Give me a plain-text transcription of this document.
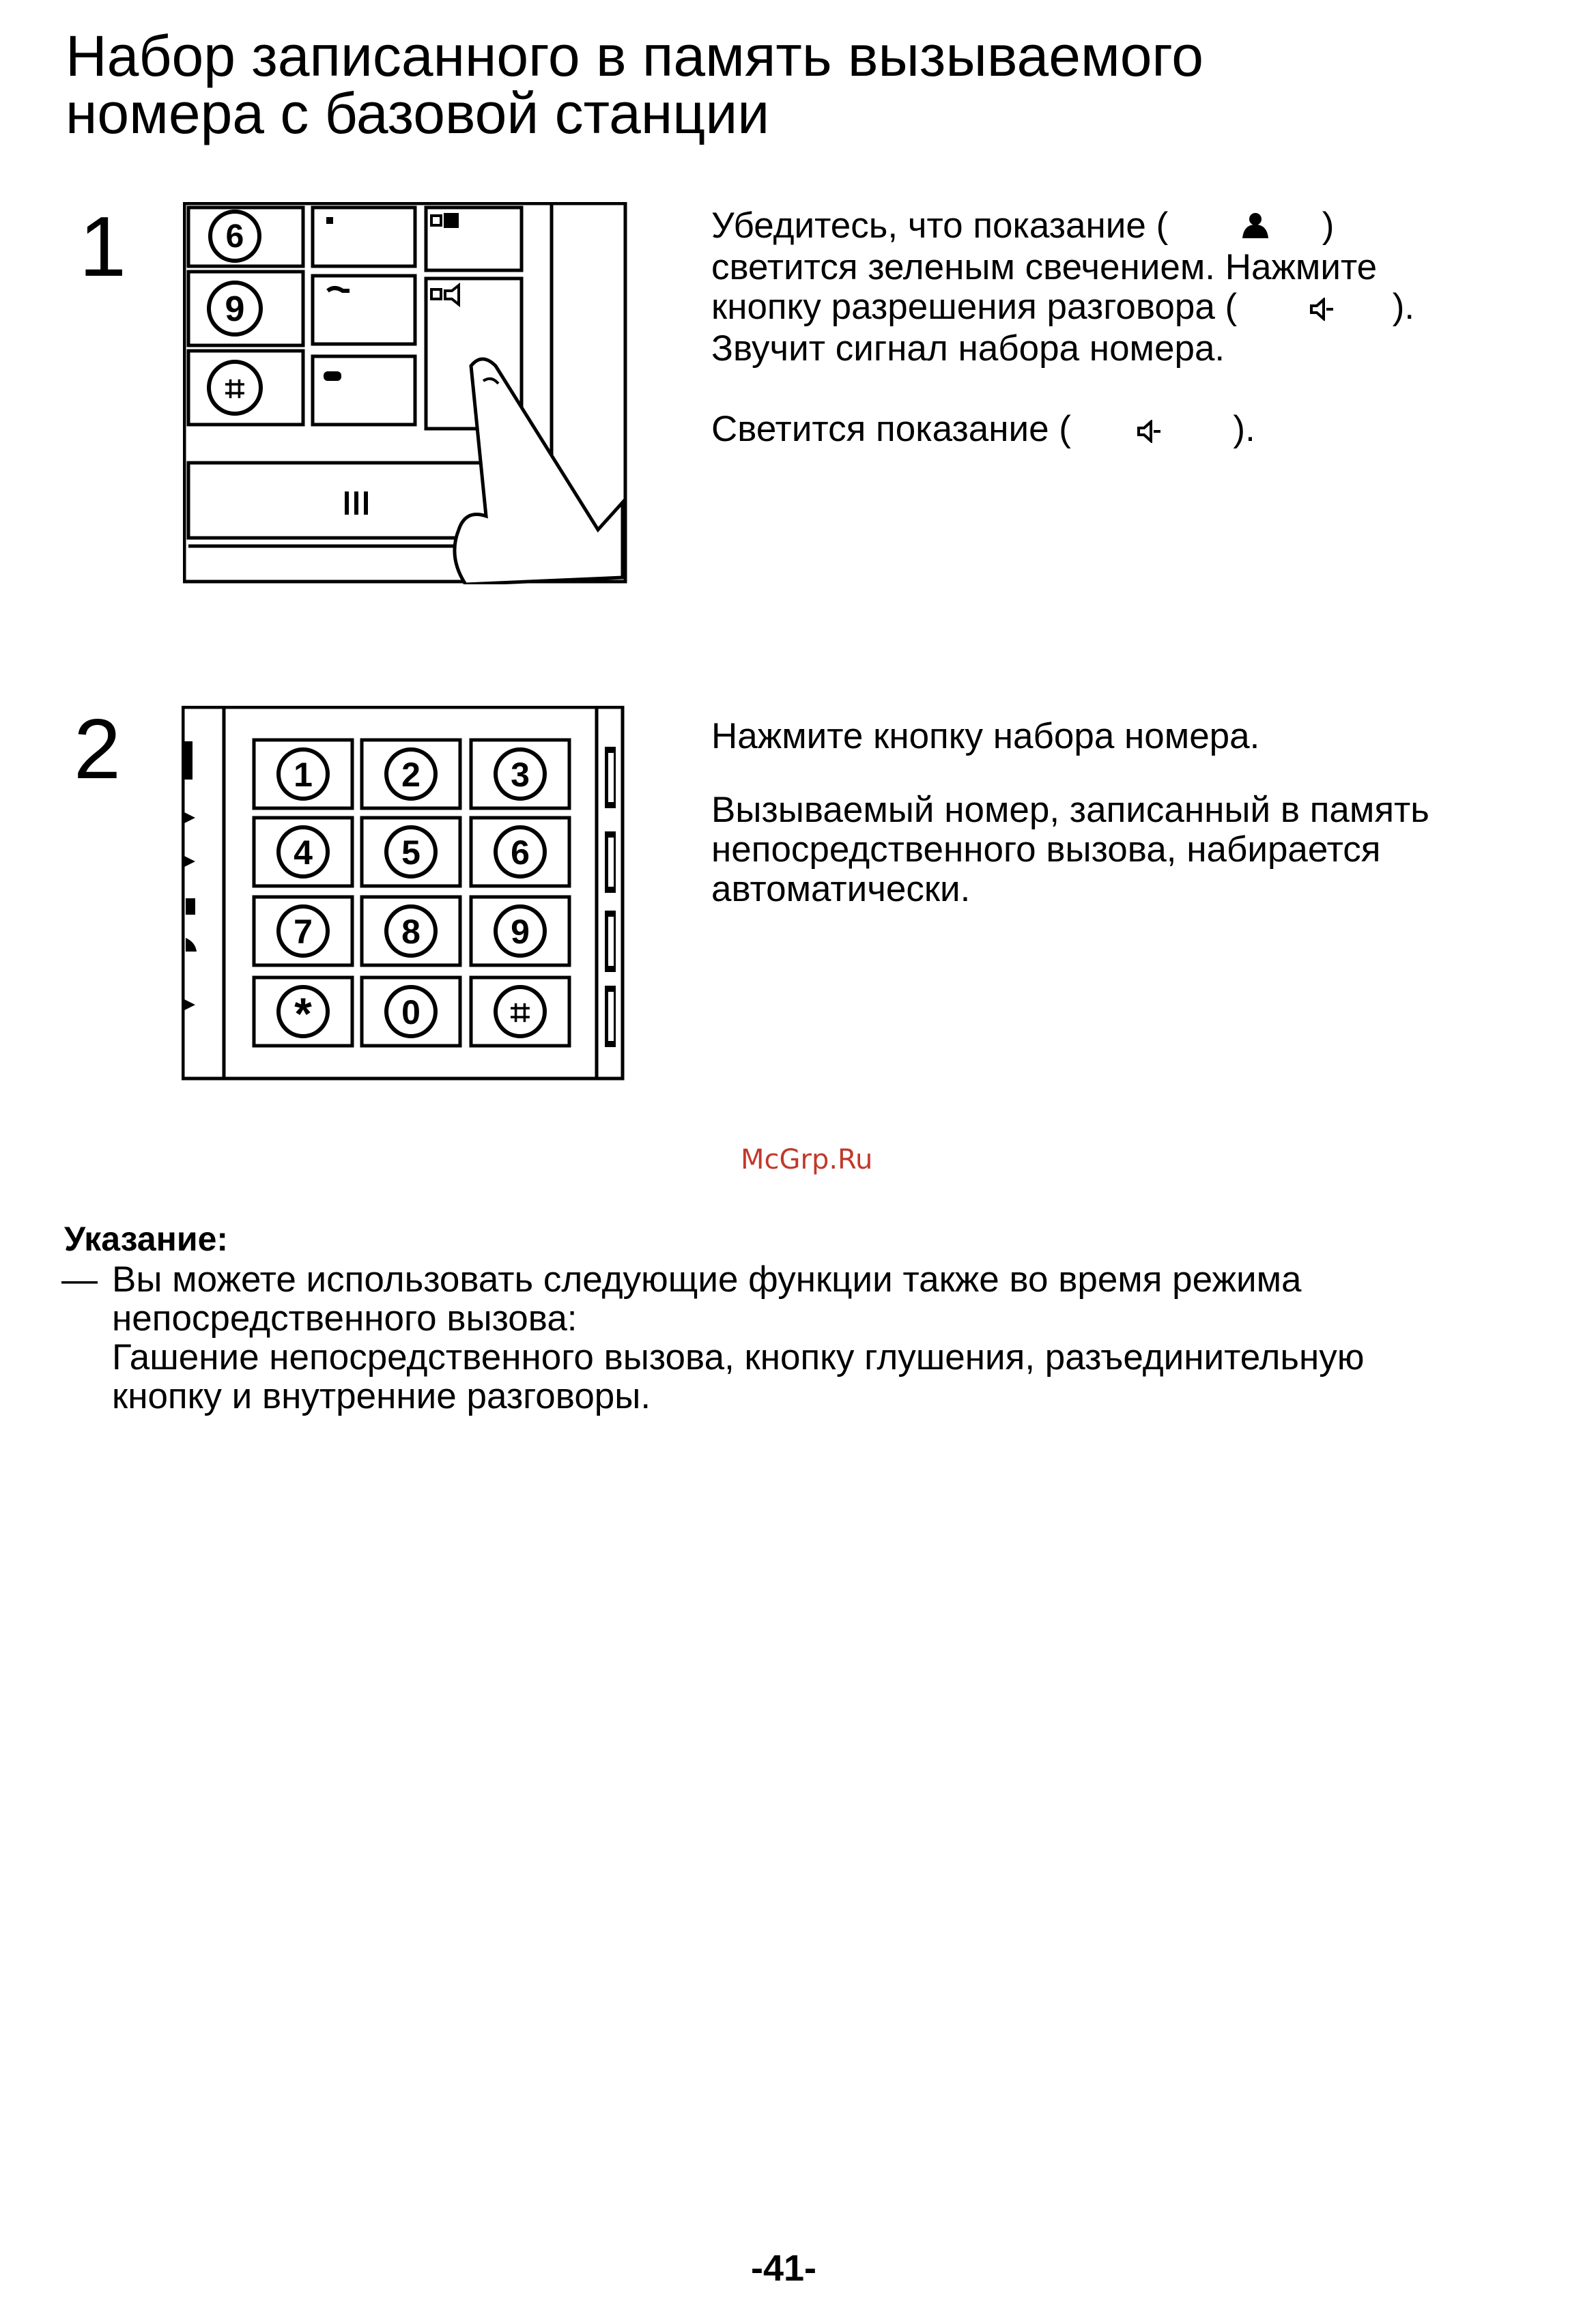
Набор записанного в память вызываемого
номера с базовой станции
1	6
9
⌗

Убедитесь, что показание (	)
светится зеленым свечением. Нажмите
кнопку разрешения разговора (	).
Звучит сигнал набора номера.

Светится показание (	).

2	1	2	3
4	5	6
7	8	9
*	0	⌗

Нажмите кнопку набора номера.

Вызываемый номер, записанный в память
непосредственного вызова, набирается
автоматически.

McGrp.Ru
Указание:
— Вы можете использовать следующие функции также во время режима
непосредственного вызова:
Гашение непосредственного вызова, кнопку глушения, разъединительную
кнопку и внутренние разговоры.
-41-
